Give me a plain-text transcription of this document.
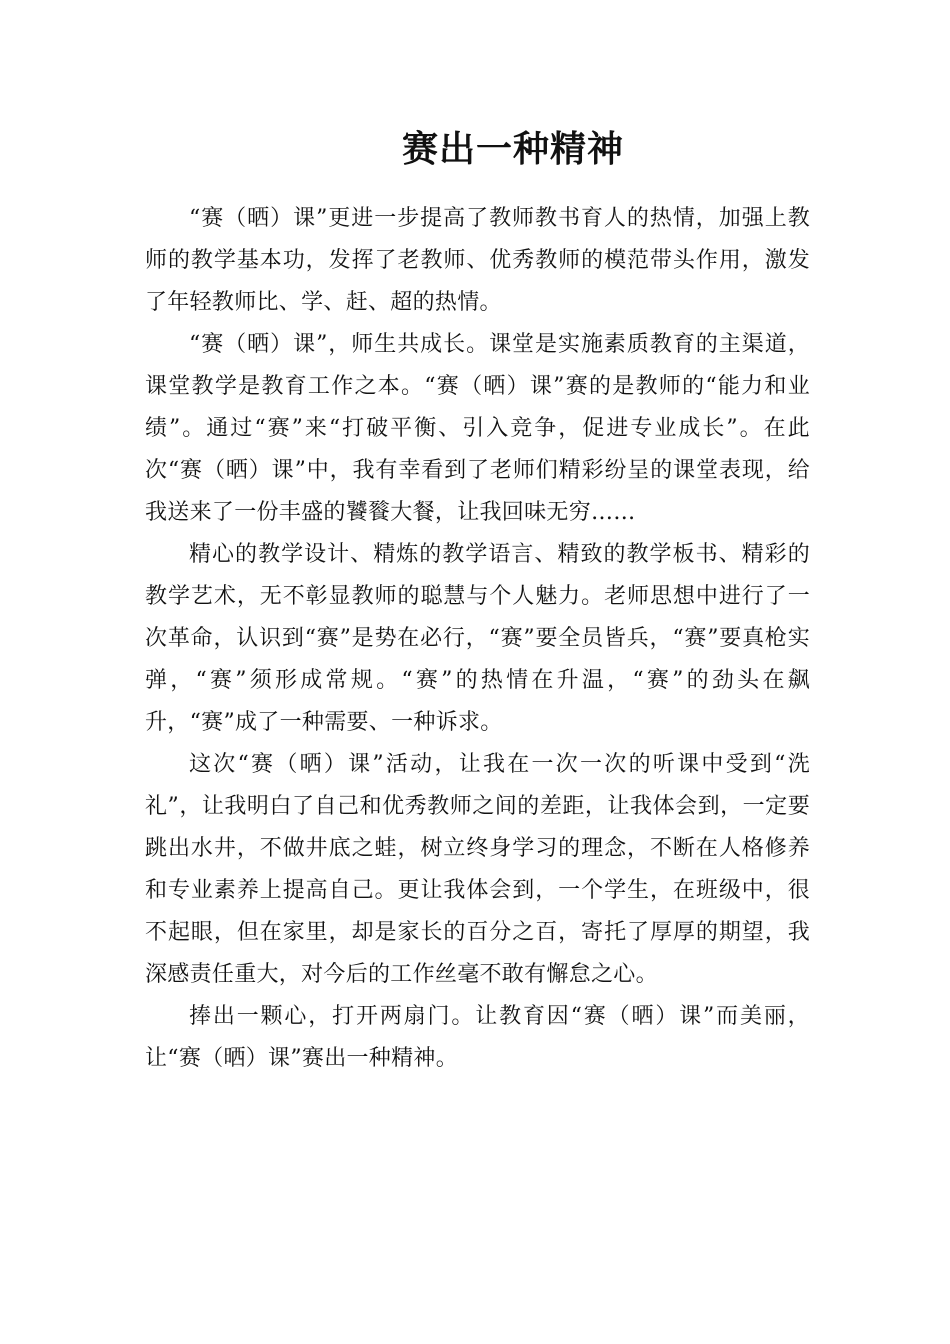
赛出一种精神

“赛（晒）课”更进一步提高了教师教书育人的热情，加强上教师的教学基本功，发挥了老教师、优秀教师的模范带头作用，激发了年轻教师比、学、赶、超的热情。

“赛（晒）课”，师生共成长。课堂是实施素质教育的主渠道，课堂教学是教育工作之本。“赛（晒）课”赛的是教师的“能力和业绩”。通过“赛”来“打破平衡、引入竞争，促进专业成长”。在此次“赛（晒）课”中，我有幸看到了老师们精彩纷呈的课堂表现，给我送来了一份丰盛的饕餮大餐，让我回味无穷……

精心的教学设计、精炼的教学语言、精致的教学板书、精彩的教学艺术，无不彰显教师的聪慧与个人魅力。老师思想中进行了一次革命，认识到“赛”是势在必行，“赛”要全员皆兵，“赛”要真枪实弹，“赛”须形成常规。“赛”的热情在升温，“赛”的劲头在飙升，“赛”成了一种需要、一种诉求。

这次“赛（晒）课”活动，让我在一次一次的听课中受到“洗礼”，让我明白了自己和优秀教师之间的差距，让我体会到，一定要跳出水井，不做井底之蛙，树立终身学习的理念，不断在人格修养和专业素养上提高自己。更让我体会到，一个学生，在班级中，很不起眼，但在家里，却是家长的百分之百，寄托了厚厚的期望，我深感责任重大，对今后的工作丝毫不敢有懈怠之心。

捧出一颗心，打开两扇门。让教育因“赛（晒）课”而美丽，让“赛（晒）课”赛出一种精神。
